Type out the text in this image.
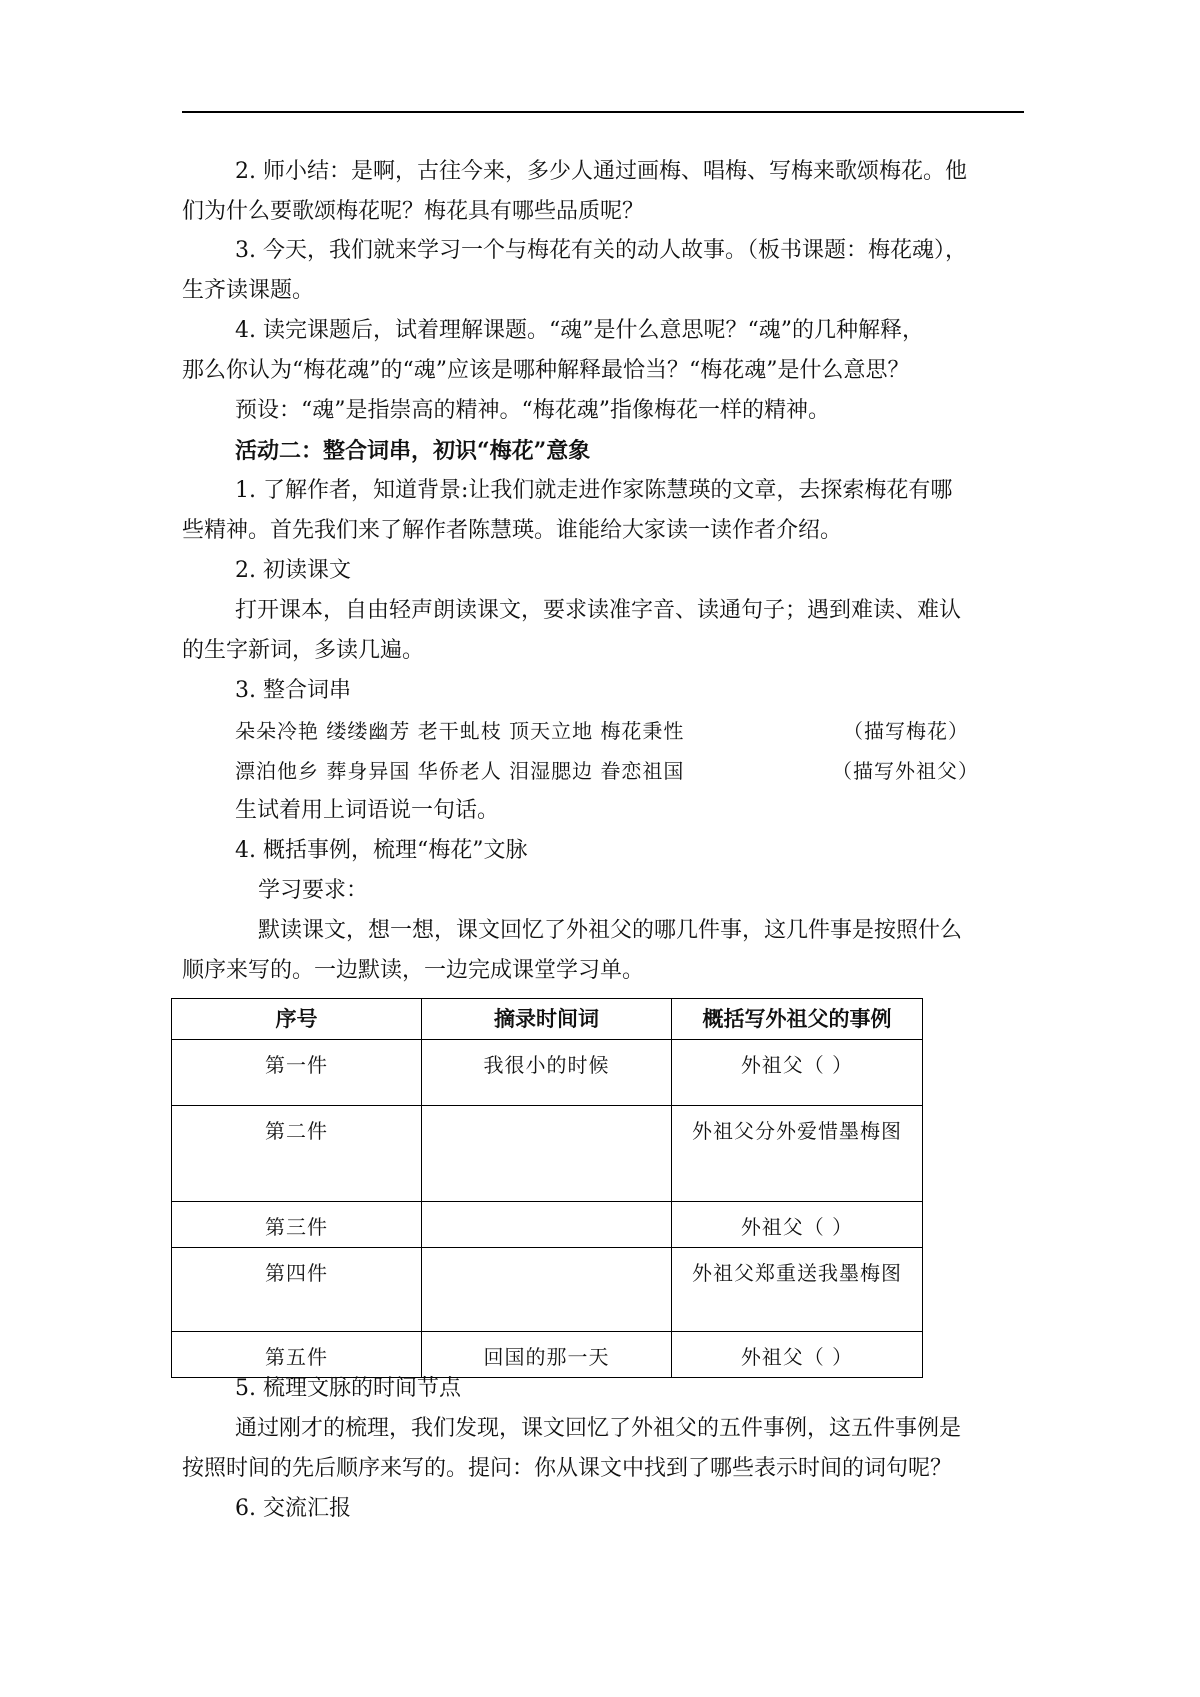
2. 师小结：是啊，古往今来，多少人通过画梅、唱梅、写梅来歌颂梅花。他

们为什么要歌颂梅花呢？梅花具有哪些品质呢？

3. 今天，我们就来学习一个与梅花有关的动人故事。（板书课题：梅花魂），

生齐读课题。

4. 读完课题后，试着理解课题。“魂”是什么意思呢？“魂”的几种解释，

那么你认为“梅花魂”的“魂”应该是哪种解释最恰当？“梅花魂”是什么意思？

预设：“魂”是指崇高的精神。“梅花魂”指像梅花一样的精神。

活动二：整合词串，初识“梅花”意象

1. 了解作者，知道背景:让我们就走进作家陈慧瑛的文章，去探索梅花有哪

些精神。首先我们来了解作者陈慧瑛。谁能给大家读一读作者介绍。

2. 初读课文

打开课本，自由轻声朗读课文，要求读准字音、读通句子；遇到难读、难认

的生字新词，多读几遍。

3. 整合词串

朵朵冷艳 缕缕幽芳 老干虬枝 顶天立地 梅花秉性	（描写梅花）

漂泊他乡 葬身异国 华侨老人 泪湿腮边 眷恋祖国	（描写外祖父）

生试着用上词语说一句话。

4. 概括事例，梳理“梅花”文脉

学习要求：

默读课文，想一想，课文回忆了外祖父的哪几件事，这几件事是按照什么

顺序来写的。一边默读，一边完成课堂学习单。

序号	摘录时间词	概括写外祖父的事例
第一件	我很小的时候	外祖父（ ）
第二件		外祖父分外爱惜墨梅图
第三件		外祖父（ ）
第四件		外祖父郑重送我墨梅图
第五件	回国的那一天	外祖父（ ）

5. 梳理文脉的时间节点

通过刚才的梳理，我们发现，课文回忆了外祖父的五件事例，这五件事例是

按照时间的先后顺序来写的。提问：你从课文中找到了哪些表示时间的词句呢？

6. 交流汇报
